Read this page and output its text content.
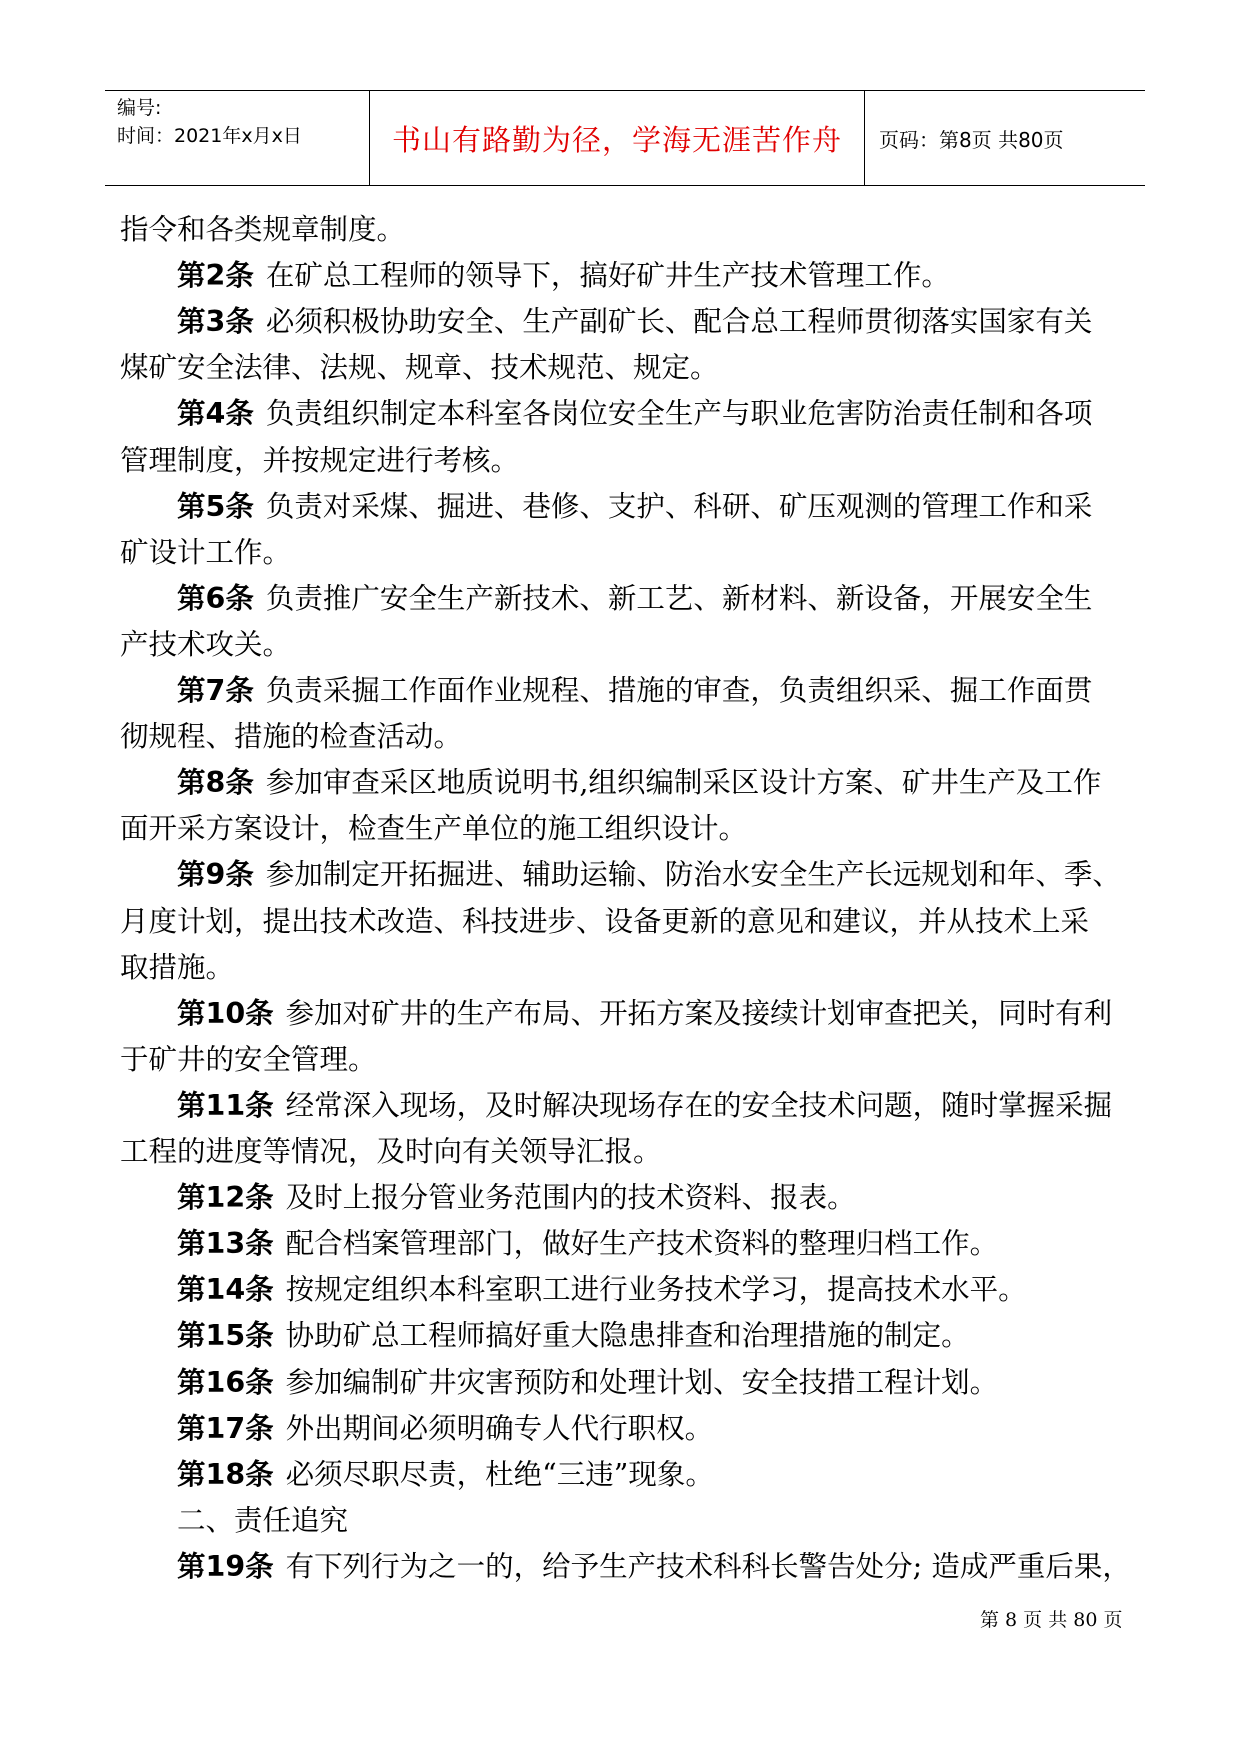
编号:
时间：2021年x月x日	书山有路勤为径，学海无涯苦作舟 页码：第8页 共80页
指令和各类规章制度。
第2条 在矿总工程师的领导下，搞好矿井生产技术管理工作。
第3条 必须积极协助安全、生产副矿长、配合总工程师贯彻落实国家有关
煤矿安全法律、法规、规章、技术规范、规定。
第4条 负责组织制定本科室各岗位安全生产与职业危害防治责任制和各项
管理制度，并按规定进行考核。
第5条 负责对采煤、掘进、巷修、支护、科研、矿压观测的管理工作和采
矿设计工作。
第6条 负责推广安全生产新技术、新工艺、新材料、新设备，开展安全生
产技术攻关。
第7条 负责采掘工作面作业规程、措施的审查，负责组织采、掘工作面贯
彻规程、措施的检查活动。
第8条 参加审查采区地质说明书,组织编制采区设计方案、矿井生产及工作
面开采方案设计，检查生产单位的施工组织设计。
第9条 参加制定开拓掘进、辅助运输、防治水安全生产长远规划和年、季、
月度计划，提出技术改造、科技进步、设备更新的意见和建议，并从技术上采
取措施。
第10条 参加对矿井的生产布局、开拓方案及接续计划审查把关，同时有利
于矿井的安全管理。
第11条 经常深入现场，及时解决现场存在的安全技术问题，随时掌握采掘
工程的进度等情况，及时向有关领导汇报。
第12条 及时上报分管业务范围内的技术资料、报表。
第13条 配合档案管理部门，做好生产技术资料的整理归档工作。
第14条 按规定组织本科室职工进行业务技术学习，提高技术水平。
第15条 协助矿总工程师搞好重大隐患排查和治理措施的制定。
第16条 参加编制矿井灾害预防和处理计划、安全技措工程计划。
第17条 外出期间必须明确专人代行职权。
第18条 必须尽职尽责，杜绝“三违”现象。
二、责任追究
第19条 有下列行为之一的，给予生产技术科科长警告处分; 造成严重后果，
第 8 页 共 80 页
